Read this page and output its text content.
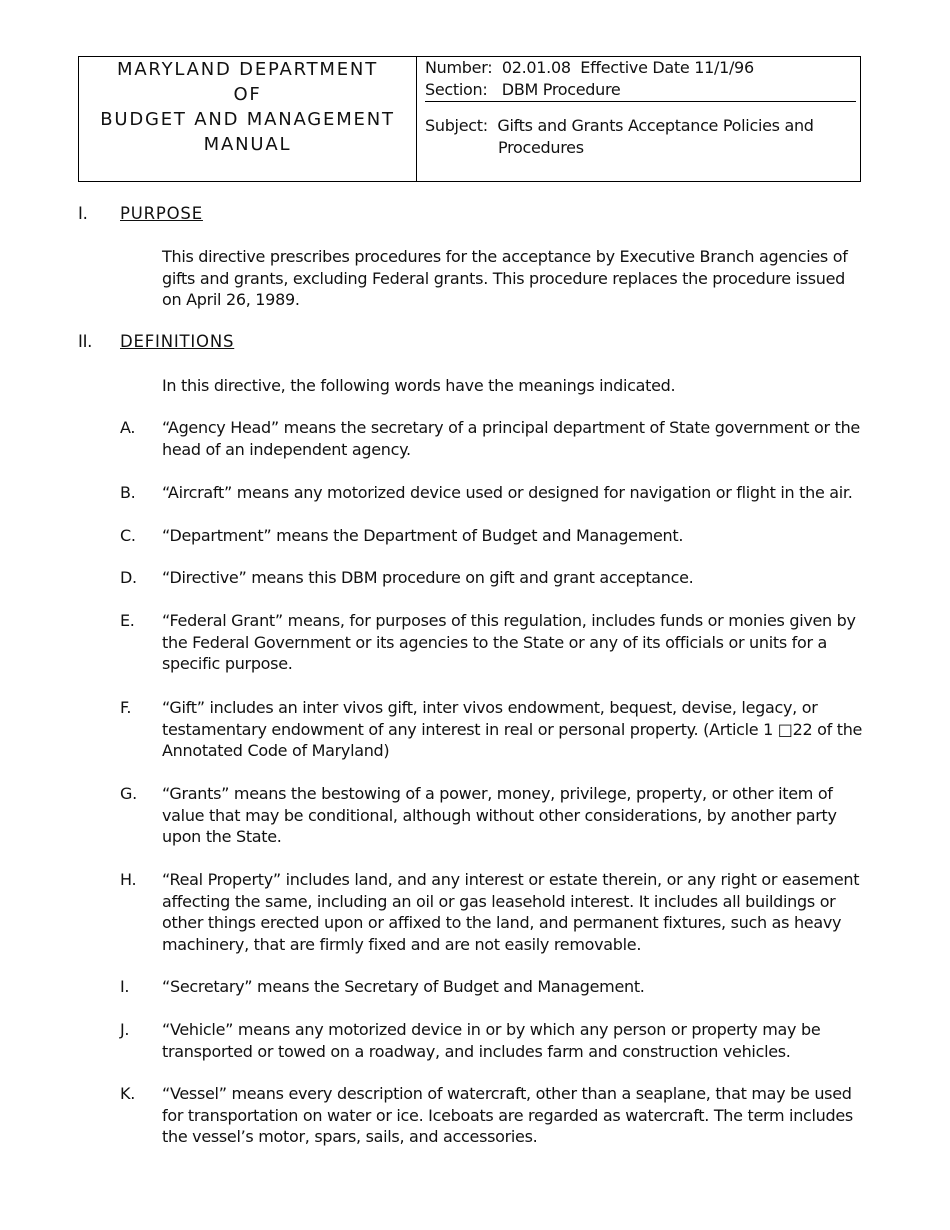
MARYLAND DEPARTMENT
OF
BUDGET AND MANAGEMENT
MANUAL
Number:  02.01.08  Effective Date 11/1/96
Section:   DBM Procedure
Subject:  Gifts and Grants Acceptance Policies and
Procedures
I. PURPOSE
This directive prescribes procedures for the acceptance by Executive Branch agencies of gifts and grants, excluding Federal grants. This procedure replaces the procedure issued on April 26, 1989.
II. DEFINITIONS
In this directive, the following words have the meanings indicated.
A.	“Agency Head” means the secretary of a principal department of State government or the head of an independent agency.
B.	“Aircraft” means any motorized device used or designed for navigation or flight in the air.
C.	“Department” means the Department of Budget and Management.
D.	“Directive” means this DBM procedure on gift and grant acceptance.
E.	“Federal Grant” means, for purposes of this regulation, includes funds or monies given by the Federal Government or its agencies to the State or any of its officials or units for a specific purpose.
F.	“Gift” includes an inter vivos gift, inter vivos endowment, bequest, devise, legacy, or testamentary endowment of any interest in real or personal property. (Article 1 □22 of the Annotated Code of Maryland)
G.	“Grants” means the bestowing of a power, money, privilege, property, or other item of value that may be conditional, although without other considerations, by another party upon the State.
H.	“Real Property” includes land, and any interest or estate therein, or any right or easement affecting the same, including an oil or gas leasehold interest. It includes all buildings or other things erected upon or affixed to the land, and permanent fixtures, such as heavy machinery, that are firmly fixed and are not easily removable.
I.	“Secretary” means the Secretary of Budget and Management.
J.	“Vehicle” means any motorized device in or by which any person or property may be transported or towed on a roadway, and includes farm and construction vehicles.
K.	“Vessel” means every description of watercraft, other than a seaplane, that may be used for transportation on water or ice. Iceboats are regarded as watercraft. The term includes the vessel’s motor, spars, sails, and accessories.
